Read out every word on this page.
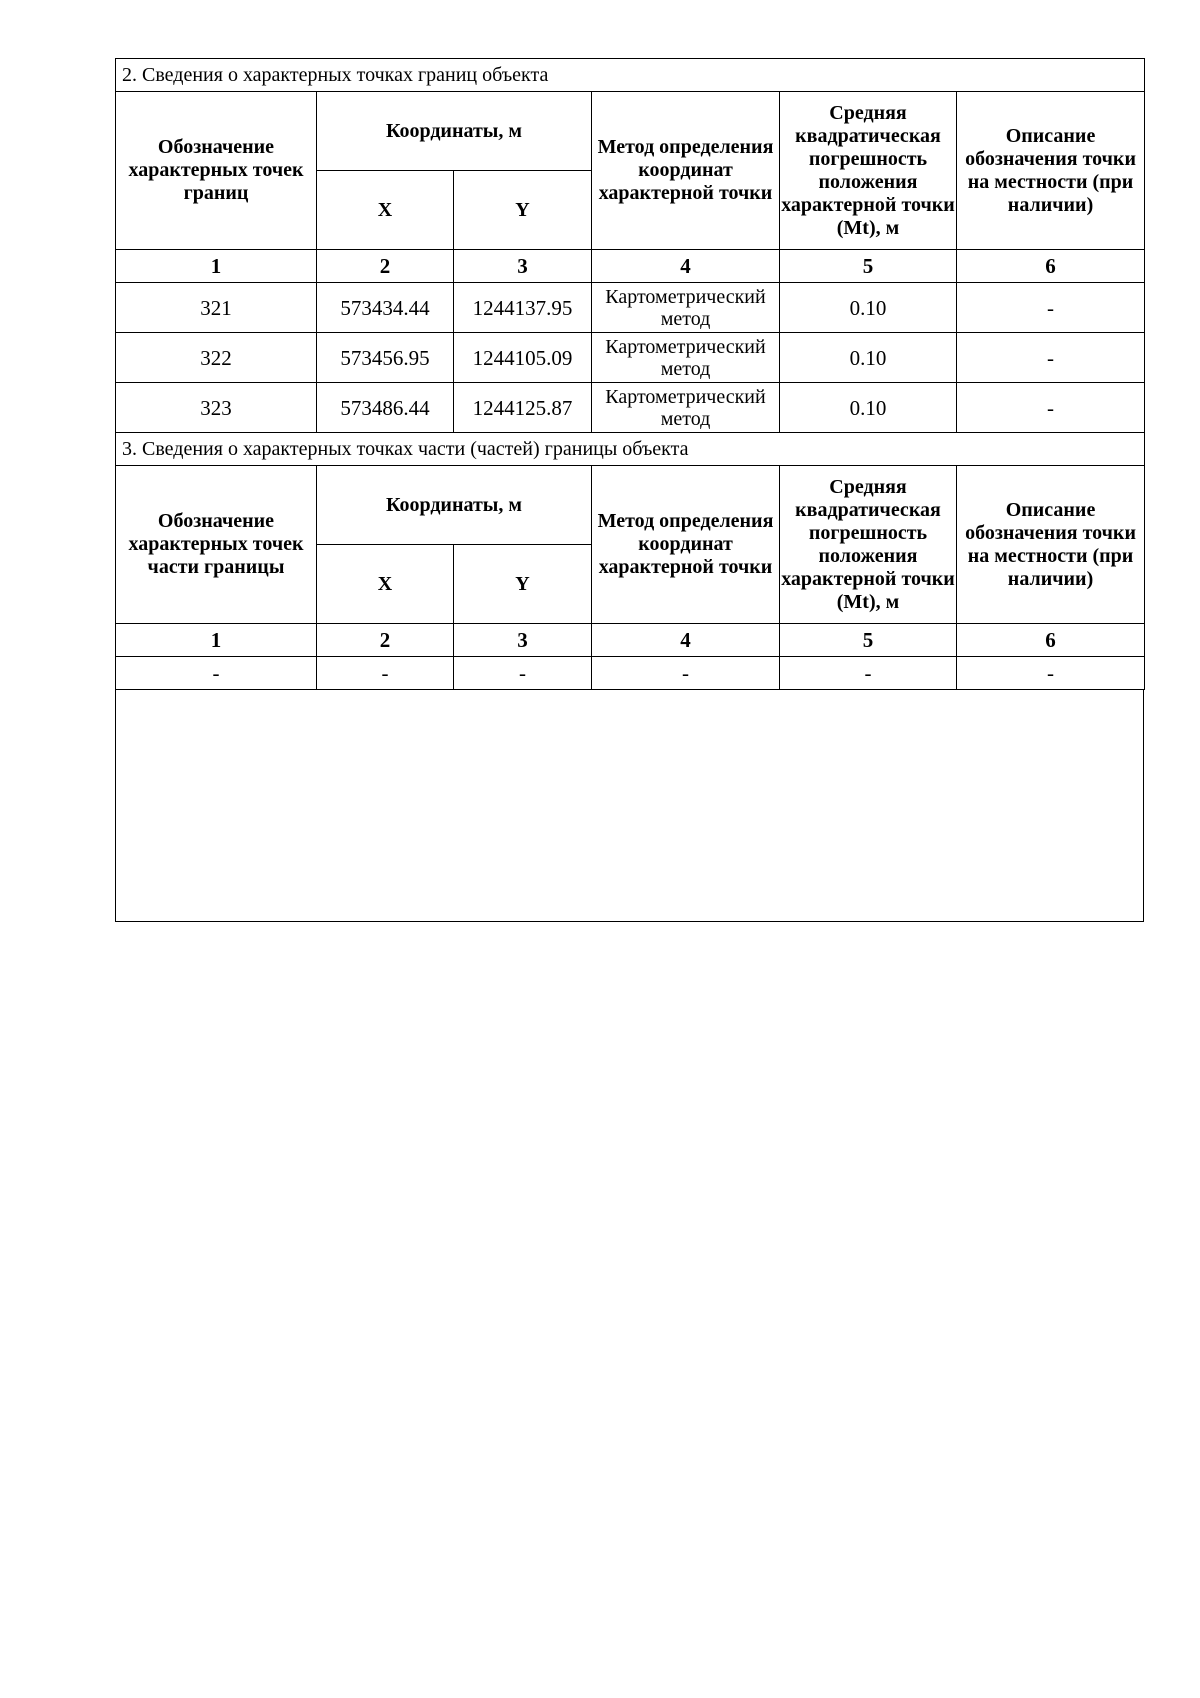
2. Сведения о характерных точках границ объекта					
Обозначение характерных точек границ	Координаты, м		Метод определения координат характерной точки	Средняя квадратическая погрешность положения характерной точки (Mt), м	Описание обозначения точки на местности (при наличии)
	X	Y			
1	2	3	4	5	6
321	573434.44	1244137.95	Картометрический метод	0.10	-
322	573456.95	1244105.09	Картометрический метод	0.10	-
323	573486.44	1244125.87	Картометрический метод	0.10	-
3. Сведения о характерных точках части (частей) границы объекта					
Обозначение характерных точек части границы	Координаты, м		Метод определения координат характерной точки	Средняя квадратическая погрешность положения характерной точки (Mt), м	Описание обозначения точки на местности (при наличии)
	X	Y			
1	2	3	4	5	6
-	-	-	-	-	-
